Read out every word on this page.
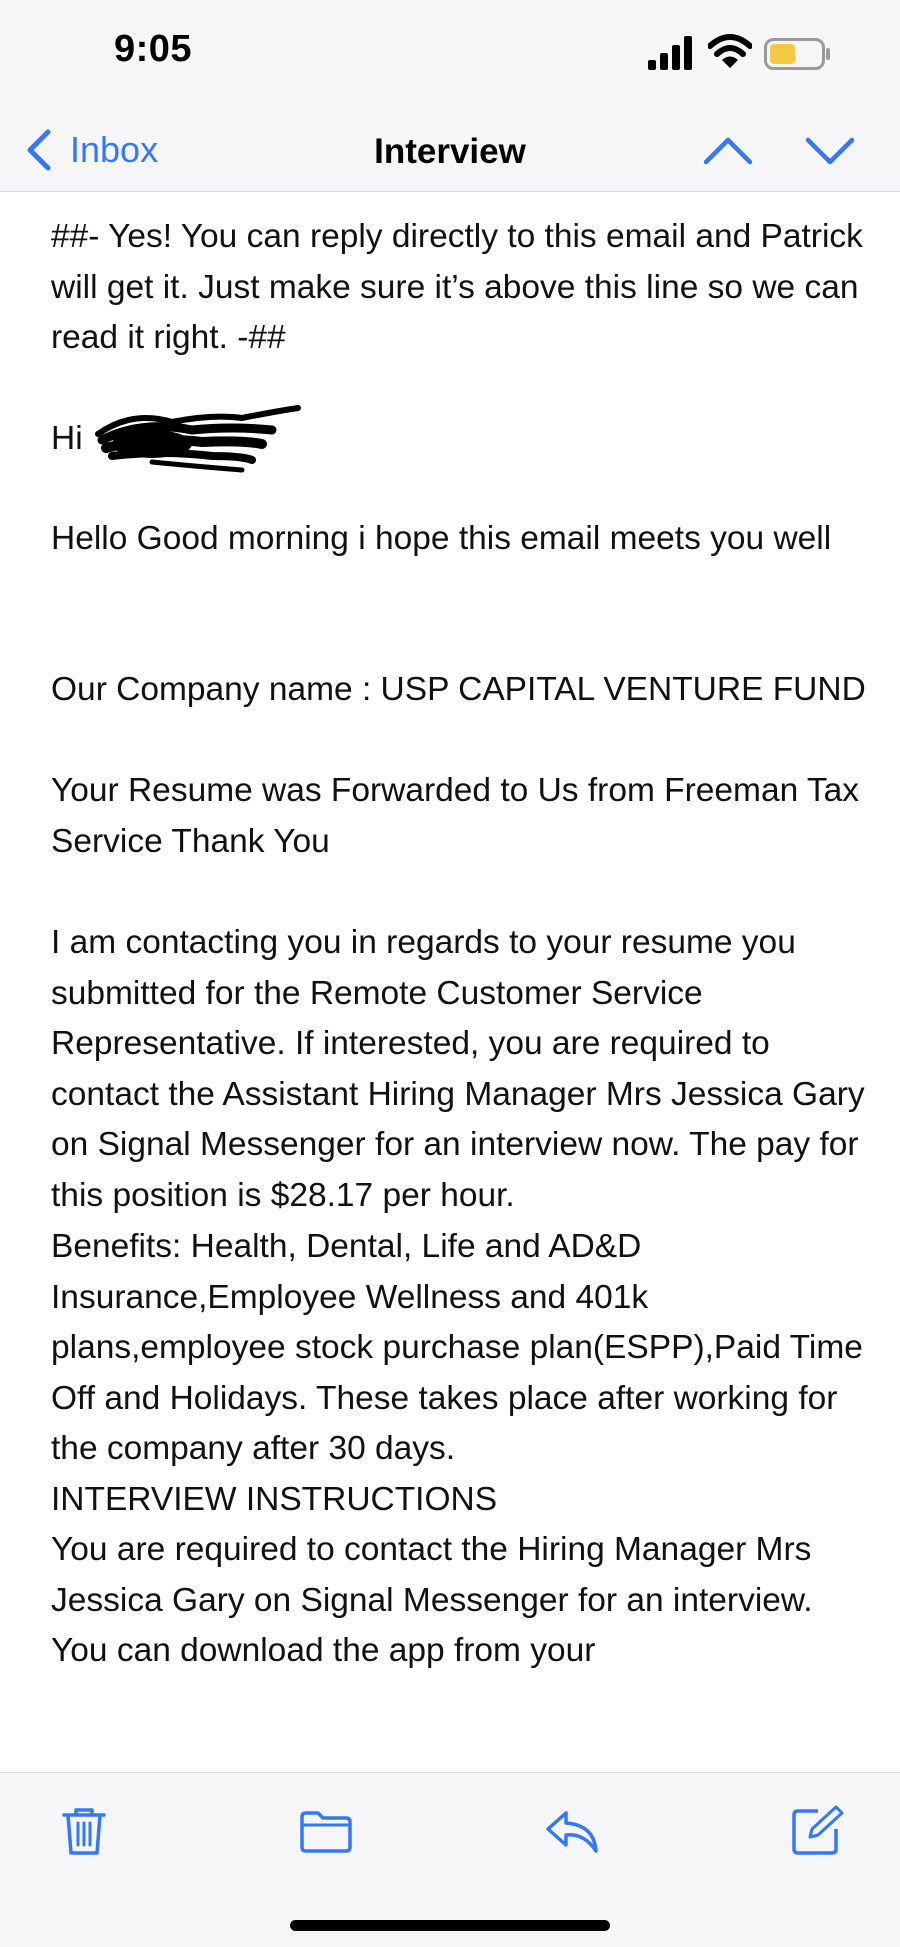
9:05
Inbox	Interview

##- Yes! You can reply directly to this email and Patrick will get it. Just make sure it’s above this line so we can read it right. -##

Hi

Hello Good morning i hope this email meets you well

Our Company name : USP CAPITAL VENTURE FUND

Your Resume was Forwarded to Us from Freeman Tax Service Thank You

I am contacting you in regards to your resume you submitted for the Remote Customer Service Representative. If interested, you are required to contact the Assistant Hiring Manager Mrs Jessica Gary on Signal Messenger for an interview now. The pay for this position is $28.17 per hour.

Benefits: Health, Dental, Life and AD&D Insurance,Employee Wellness and 401k plans,employee stock purchase plan(ESPP),Paid Time Off and Holidays. These takes place after working for the company after 30 days.

INTERVIEW INSTRUCTIONS

You are required to contact the Hiring Manager Mrs Jessica Gary on Signal Messenger for an interview. You can download the app from your
